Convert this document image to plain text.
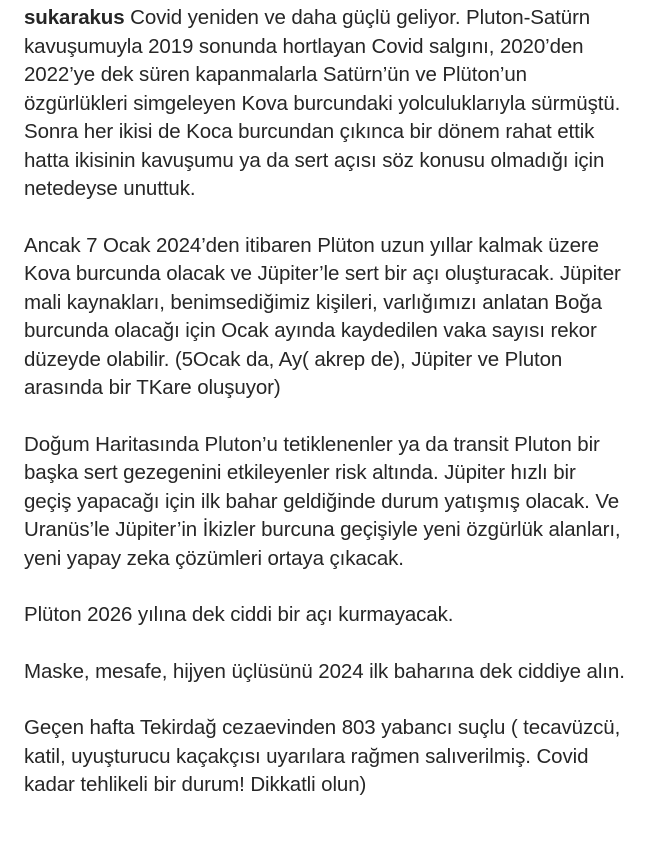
sukarakus Covid yeniden ve daha güçlü geliyor. Pluton-Satürn kavuşumuyla 2019 sonunda hortlayan Covid salgını, 2020’den 2022’ye dek süren kapanmalarla Satürn’ün ve Plüton’un özgürlükleri simgeleyen Kova burcundaki yolculuklarıyla sürmüştü. Sonra her ikisi de Koca burcundan çıkınca bir dönem rahat ettik hatta ikisinin kavuşumu ya da sert açısı söz konusu olmadığı için netedeyse unuttuk.

Ancak 7 Ocak 2024’den itibaren Plüton uzun yıllar kalmak üzere Kova burcunda olacak ve Jüpiter’le sert bir açı oluşturacak. Jüpiter mali kaynakları, benimsediğimiz kişileri, varlığımızı anlatan Boğa burcunda olacağı için Ocak ayında kaydedilen vaka sayısı rekor düzeyde olabilir. (5Ocak da, Ay( akrep de), Jüpiter ve Pluton arasında bir TKare oluşuyor)

Doğum Haritasında Pluton’u tetiklenenler ya da transit Pluton bir başka sert gezegenini etkileyenler risk altında. Jüpiter hızlı bir geçiş yapacağı için ilk bahar geldiğinde durum yatışmış olacak. Ve Uranüs’le Jüpiter’in İkizler burcuna geçişiyle yeni özgürlük alanları, yeni yapay zeka çözümleri ortaya çıkacak.

Plüton 2026 yılına dek ciddi bir açı kurmayacak.

Maske, mesafe, hijyen üçlüsünü 2024 ilk baharına dek ciddiye alın.

Geçen hafta Tekirdağ cezaevinden 803 yabancı suçlu ( tecavüzcü, katil, uyuşturucu kaçakçısı uyarılara rağmen salıverilmiş. Covid kadar tehlikeli bir durum! Dikkatli olun)
